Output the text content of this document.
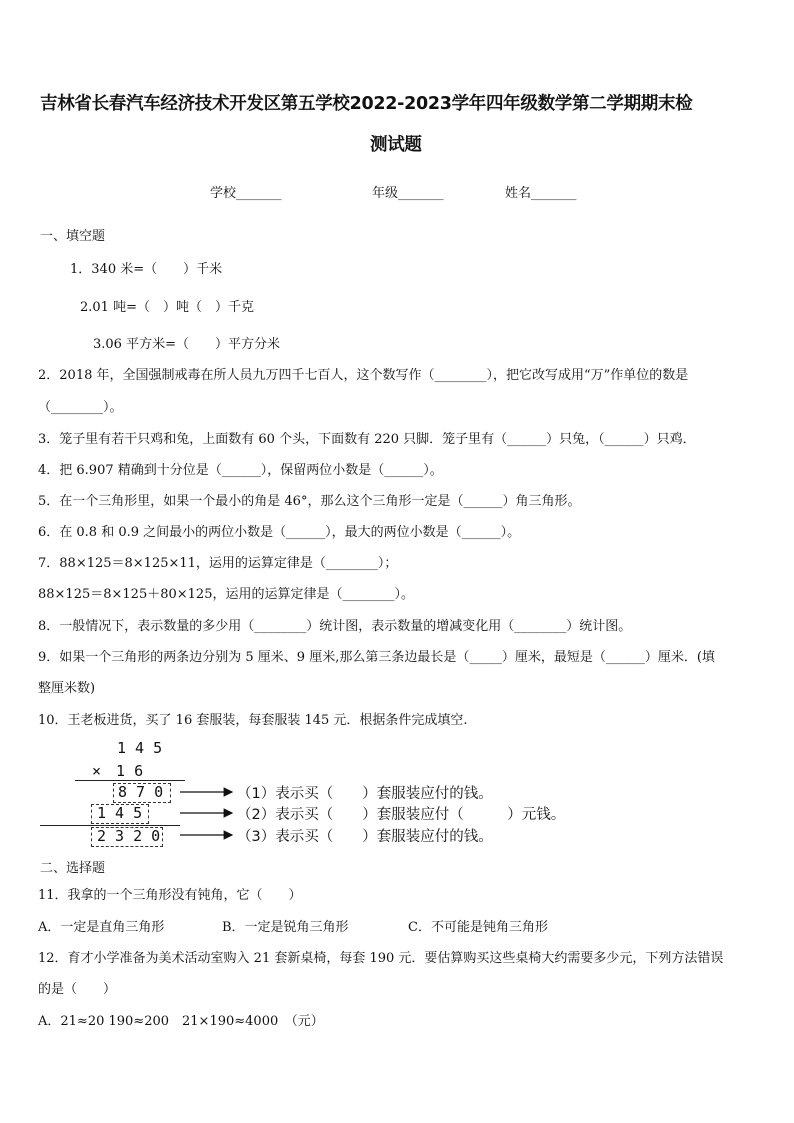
吉林省长春汽车经济技术开发区第五学校2022-2023学年四年级数学第二学期期末检
测试题
学校_______	年级_______	姓名_______
一、填空题
1．340 米=（　　）千米
2.01 吨=（　）吨（　）千克
3.06 平方米=（　　）平方分米
2．2018 年，全国强制戒毒在所人员九万四千七百人，这个数写作（________），把它改写成用“万”作单位的数是
（________）。
3．笼子里有若干只鸡和兔，上面数有 60 个头，下面数有 220 只脚．笼子里有（______）只兔，（______）只鸡．
4．把 6.907 精确到十分位是（______），保留两位小数是（______）。
5．在一个三角形里，如果一个最小的角是 46°，那么这个三角形一定是（______）角三角形。
6．在 0.8 和 0.9 之间最小的两位小数是（______），最大的两位小数是（______）。
7．88×125＝8×125×11，运用的运算定律是（________）；
88×125＝8×125＋80×125，运用的运算定律是（________）。
8．一般情况下，表示数量的多少用（________）统计图，表示数量的增减变化用（________）统计图。
9．如果一个三角形的两条边分别为 5 厘米、9 厘米,那么第三条边最长是（_____）厘米，最短是（______）厘米．(填
整厘米数)
10．王老板进货，买了 16 套服装，每套服装 145 元．根据条件完成填空.
1 4 5
×　1 6
8 7 0
1 4 5
2 3 2 0
（1）表示买（　　）套服装应付的钱。
（2）表示买（　　）套服装应付（　　　）元钱。
（3）表示买（　　）套服装应付的钱。
二、选择题
11．我拿的一个三角形没有钝角，它（　　）
A．一定是直角三角形	B．一定是锐角三角形	C．不可能是钝角三角形
12．育才小学准备为美术活动室购入 21 套新桌椅，每套 190 元．要估算购买这些桌椅大约需要多少元，下列方法错误
的是（　　）
A．21≈20 190≈200　21×190≈4000　（元）
